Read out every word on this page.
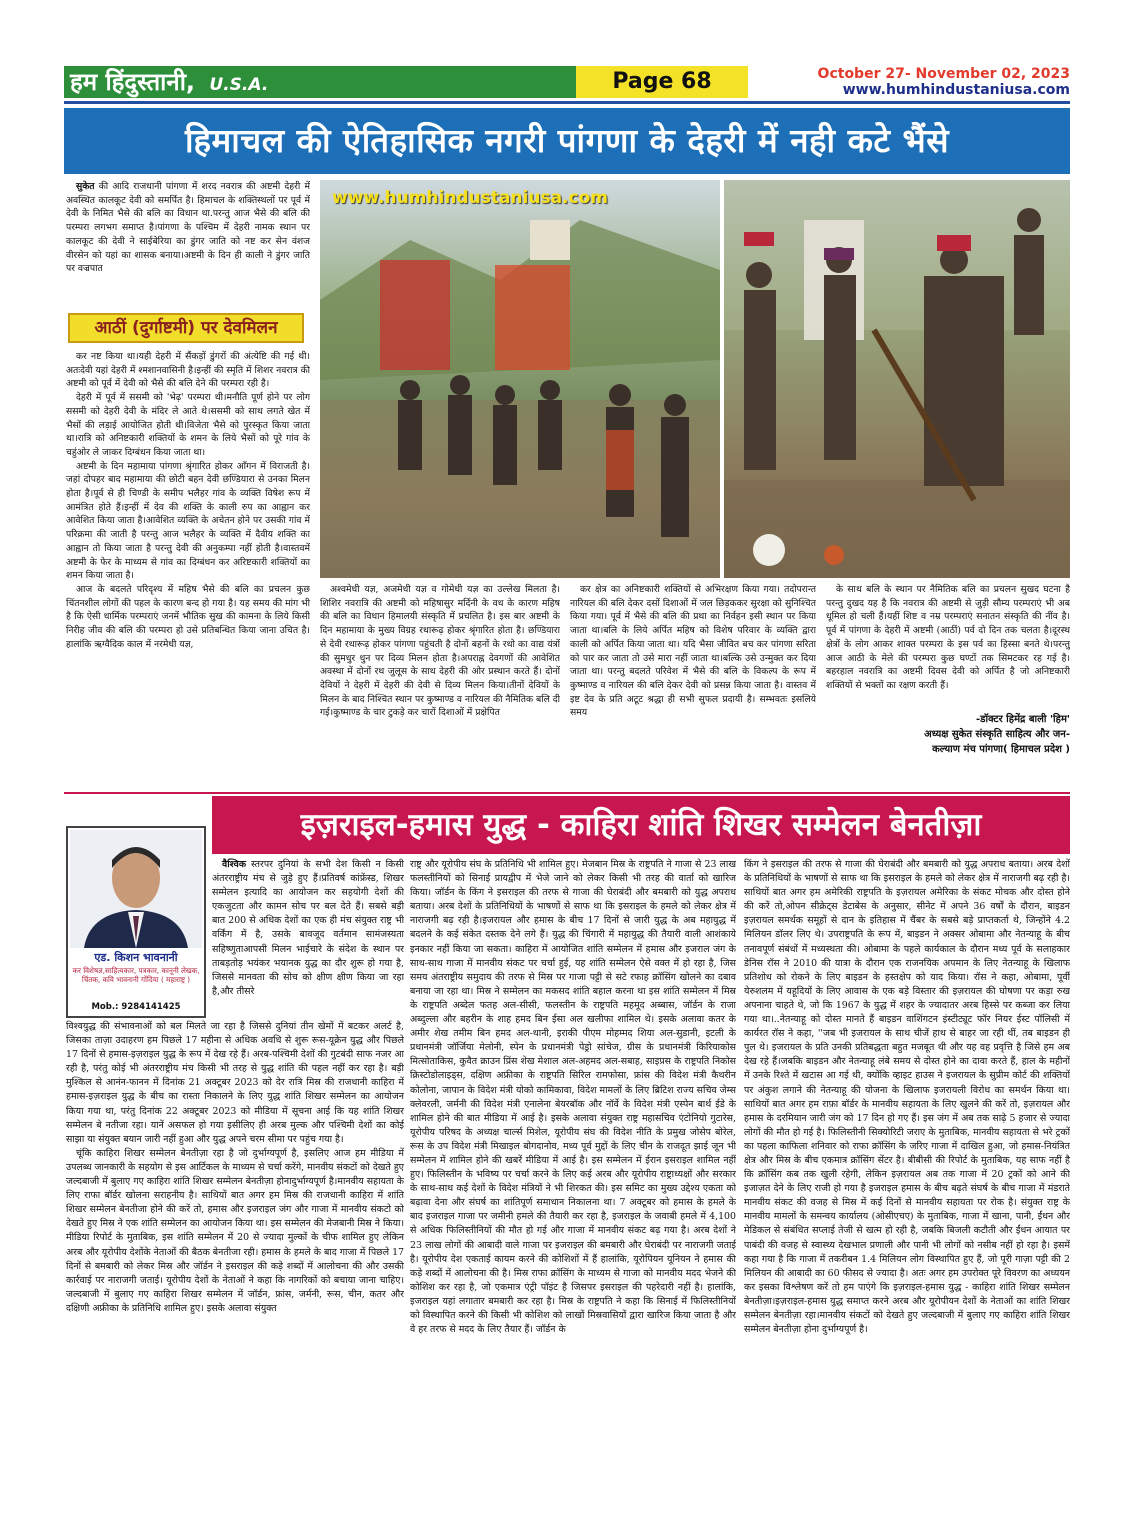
हम हिंदुस्तानी, U.S.A.	Page 68	October 27- November 02, 2023
www.humhindustaniusa.com
हिमाचल की ऐतिहासिक नगरी पांगणा के देहरी में नही कटे भैंसे

सुकेत की आदि राजधानी पांगणा में शरद नवरात्र की अष्टमी देहरी में अवस्थित कालकूट देवी को समर्पित है। हिमाचल के शक्तिस्थलों पर पूर्व में देवी के निमित भैसे की बलि का विधान था.परन्तु आज भैसे की बलि की परम्परा लगभग समाप्त है।पांगणा के पश्चिम में देहरी नामक स्थान पर कालकूट की देवी ने साईबेरिया का डुंगर जाति को नष्ट कर सेन वंशज वीरसेन को यहां का शासक बनाया।अष्टमी के दिन ही काली ने डुंगर जाति पर वज्रपात

आठीं (दुर्गाष्टमी) पर देवमिलन

कर नष्ट किया था।यही देहरी में सैंकड़ों डुंगरों की अंत्येष्टि की गई थी।अतःदेवी यहां देहरी में श्मशानवासिनी है।इन्हीं की स्मृति में शिशर नवरात्र की अष्टमी को पूर्व में देवी को भैसे की बलि देने की परम्परा रही है।

देहरी में पूर्व में ससमी को 'भेढ़' परम्परा थी।मनौति पूर्ण होने पर लोग ससमी को देहरी देवी के मंदिर ले आते थे।ससमी को साथ लगते खेत में भैसों की लड़ाई आयोजित होती थी।विजेता भैसे को पुरस्कृत किया जाता था।रात्रि को अनिष्टकारी शक्तियों के शमन के लिये भैसों को पूरे गांव के चहुंओर ले जाकर दिग्बंधन किया जाता था।

अष्टमी के दिन महामाया पांगणा श्रृंगारित होकर आँगन में विराजती है।जहां दोपहर बाद महामाया की छोटी बहन देवी छण्डियारा से उनका मिलन होता है।पूर्व से ही चिण्डी के समीप भलैहर गांव के व्यक्ति विषेश रूप में आमंत्रित होते हैं।इन्हीं में देव की शक्ति के काली रुप का आह्वान कर आवेशित किया जाता है।आवेशित व्यक्ति के अचेतन होने पर उसकी गांव में परिक्रमा की जाती है परन्तु आज भलैहर के व्यक्ति में दैवीय शक्ति का आह्वान तो किया जाता है परन्तु देवी की अनुकम्पा नहीं होती है।वास्तवमें अष्टमी के फेर के माध्यम से गांव का दिग्बंधन कर अरिष्टकारी शक्तियों का शमन किया जाता है।

आज के बदलते परिदृश्य में महिष भैसे की बलि का प्रचलन कुछ चिंतनशील लोगों की पहल के कारण बन्द हो गया है। यह समय की मांग भी है कि ऐसी धार्मिक परम्पराएं जनमें भौतिक सुख की कामना के लिये किसी निरीह जीव की बलि की परम्परा हो उसे प्रतिबन्धित किया जाना उचित है। हालांकि ऋग्वैदिक काल में नरमेधी यज्ञ,

www.humhindustaniusa.com

अश्वमेधी यज्ञ, अजमेधी यज्ञ व गोमेधी यज्ञ का उल्लेख मिलता है। शिशिर नवरात्रि की अष्टमी को महिषासुर मर्दिनी के वध के कारण महिष की बलि का विधान हिमालयी संस्कृति में प्रचलित है। इस बार अष्टमी के दिन महामाया के मुख्य विग्रह रथारूढ़ होकर श्रृंगारित होता है। छण्डियारा से देवी रथारूढ़ होकर पांगणा पहुंचती है दोनों बहनों के रथो का वाद्य यंत्रों की सुमधुर धुन पर दिव्य मिलन होता है।अपराह्न देवगणों की आवेशित अवस्था में दोनों रथ जुलूस के साथ देहरी की ओर प्रस्थान करते हैं। दोनों देवियों ने देहरी में देहरी की देवी से दिव्य मिलन किया।तीनों देवियों के मिलन के बाद निश्चित स्थान पर कुष्माण्ड व नारियल की नैमितिक बलि दी गई।कुष्माण्ड के चार टुकड़े कर चारों दिशाओं में प्रक्षेपित

कर क्षेत्र का अनिष्टकारी शक्तियों से अभिरक्षण किया गया। तदोपरान्त नारियल की बलि देकर दसों दिशाओं में जल छिड़ककर सुरक्षा को सुनिश्चित किया गया। पूर्व में भैसे की बलि की प्रथा का निर्वहन इसी स्थान पर किया जाता था।बलि के लिये अर्पित महिष को विशेष परिवार के व्यक्ति द्वारा काली को अर्पित किया जाता था। यदि भैसा जीवित बच कर पांगणा सरिता को पार कर जाता तो उसे मारा नहीं जाता था।बल्कि उसे उन्मुक्त कर दिया जाता था। परन्तु बदलते परिवेश में भैसे की बलि के विकल्प के रूप में कुष्माण्ड व नारियल की बलि देकर देवी को प्रसन्न किया जाता है। वास्तव में इष्ट देव के प्रति अटूट श्रद्धा ही सभी सुफल प्रदायी है। सम्भवतः इसलिये समय

के साथ बलि के स्थान पर नैमितिक बलि का प्रचलन सुखद घटना है परन्तु दुखद यह है कि नवरात्र की अष्टमी से जुड़ी सौम्य परम्पराएं भी अब धूमिल हो चली हैं।यहीं शिष्ट व नम्र परम्पराएं सनातन संस्कृति की नींव है।पूर्व में पांगणा के देहरी में अष्टमी (आठीं) पर्व दो दिन तक चलता है।दूरस्थ क्षेत्रों के लोग आकर शाक्त परम्परा के इस पर्व का हिस्सा बनते थे।परन्तु आज आठी के मेले की परम्परा कुछ घण्टों तक सिमटकर रह गई है। बहरहाल नवरात्रि का अष्टमी दिवस देवी को अर्पित है जो अनिष्टकारी शक्तियों से भक्तों का रक्षण करती हैं।

-डॉक्टर हिमेंद्र बाली 'हिम'
अध्यक्ष सुकेत संस्कृति साहित्य और जन-
कल्याण मंच पांगणा( हिमाचल प्रदेश )
इज़राइल-हमास युद्ध - काहिरा शांति शिखर सम्मेलन बेनतीज़ा
एड. किशन भावनानी
कर विशेषज्ञ,साहित्यकार, पत्रकार, कानूनी लेखक, चिंतक, कवि भावनानी गोंदिया ( महाराष्ट्र )
Mob.: 9284141425

वैश्विक स्तरपर दुनियां के सभी देश किसी न किसी अंतरराष्ट्रीय मंच से जुड़े हुए हैं।प्रतिवर्ष कांफ्रेंस्ड, शिखर सम्मेलन इत्यादि का आयोजन कर सहयोगी देशों की एकजुटता और कामन सोच पर बल देते हैं। सबसे बड़ी बात 200 से अधिक देशों का एक ही मंच संयुक्त राष्ट्र भी वर्किंग में है, उसके बावजूद वर्तमान सामंजस्यता सहिष्णुताआपसी मिलन भाईचारे के संदेश के स्थान पर ताबड़तोड़ भयंकर भयानक युद्ध का दौर शुरू हो गया है, जिससे मानवता की सोच को क्षीण क्षीण किया जा रहा है,और तीसरे

विश्वयुद्ध की संभावनाओं को बल मिलते जा रहा है जिससे दुनियां तीन खेमों में बटकर अलर्ट है, जिसका ताज़ा उदाहरण हम पिछले 17 महीना से अधिक अवधि से शुरू रूस-यूक्रेन युद्ध और पिछले 17 दिनों से हमास-इज़राइल युद्ध के रूप में देख रहे हैं। अरब-पश्चिमी देशों की गुटबंदी साफ नजर आ रही है, परंतु कोई भी अंतरराष्ट्रीय मंच किसी भी तरह से युद्ध शांति की पहल नहीं कर रहा है। बड़ी मुश्किल से आनंन-फानन में दिनांक 21 अक्टूबर 2023 को देर रात्रि मिस्र की राजधानी काहिरा में हमास-इज़राइल युद्ध के बीच का रास्ता निकालने के लिए युद्ध शांति शिखर सम्मेलन का आयोजन किया गया था, परंतु दिनांक 22 अक्टूबर 2023 को मीडिया में सूचना आई कि यह शांति शिखर सम्मेलन बे नतीजा रहा। यानें असफल हो गया इसीलिए ही अरब मुल्क और पश्चिमी देशों का कोई साझा या संयुक्त बयान जारी नहीं हुआ और युद्ध अपने चरम सीमा पर पहुंच गया है।

चूंकि काहिरा शिखर सम्मेलन बेनतीज़ा रहा है जो दुर्भाग्यपूर्ण है, इसलिए आज हम मीडिया में उपलब्ध जानकारी के सहयोग से इस आर्टिकल के माध्यम से चर्चा करेंगे, मानवीय संकटों को देखते हुए जल्दबाजी में बुलाए गए काहिरा शांति शिखर सम्मेलन बेनतीज़ा होनादुर्भाग्यपूर्ण है।मानवीय सहायता के लिए राफा बॉर्डर खोलना सराहनीय है। साथियों बात अगर हम मिस्र की राजधानी काहिरा में शांति शिखर सम्मेलन बेनतीजा होने की करें तो, हमास और इजराइल जंग और गाजा में मानवीय संकटो को देखते हुए मिस्र ने एक शांति सम्मेलन का आयोजन किया था। इस सम्मेलन की मेजबानी मिस्र ने किया। मीडिया रिपोर्ट के मुताबिक, इस शांति सम्मेलन में 20 से ज्यादा मुल्कों के चीफ शामिल हुए लेकिन अरब और यूरोपीय देशोंके नेताओं की बैठक बेनतीजा रही। हमास के हमले के बाद गाजा में पिछले 17 दिनों से बमबारी को लेकर मिस्र और जॉर्डन ने इसराइल की कड़े शब्दों में आलोचना की और उसकी कार्रवाई पर नाराजगी जताई। यूरोपीय देशों के नेताओं ने कहा कि नागरिकों को बचाया जाना चाहिए। जल्दबाजी में बुलाए गए काहिरा शिखर सम्मेलन में जॉर्डन, फ्रांस, जर्मनी, रूस, चीन, कतर और दक्षिणी अफ्रीका के प्रतिनिधि शामिल हुए। इसके अलावा संयुक्त

राष्ट्र और यूरोपीय संघ के प्रतिनिधि भी शामिल हुए। मेजबान मिस्र के राष्ट्रपति ने गाजा से 23 लाख फलस्तीनियों को सिनाई प्रायद्वीप में भेजे जाने को लेकर किसी भी तरह की वार्ता को खारिज किया। जॉर्डन के किंग ने इसराइल की तरफ से गाजा की घेराबंदी और बमबारी को युद्ध अपराध बताया। अरब देशों के प्रतिनिधियों के भाषणों से साफ था कि इसराइल के हमले को लेकर क्षेत्र में नाराजगी बढ़ रही है।इजरायल और हमास के बीच 17 दिनों से जारी युद्ध के अब महायुद्ध में बदलने के कई संकेत दस्तक देने लगे हैं। युद्ध की चिंगारी में महायुद्ध की तैयारी वाली आशंकाये इनकार नहीं किया जा सकता। काहिरा में आयोजित शांति सम्मेलन में हमास और इजराल जंग के साथ-साथ गाजा में मानवीय संकट पर चर्चा हुई, यह शांति सम्मेलन ऐसे वक्त में हो रहा है, जिस समय अंतराष्ट्रीय समुदाय की तरफ से मिस्र पर गाजा पट्टी से सटे रफाह क्रॉसिंग खोलने का दबाव बनाया जा रहा था। मिस्र ने सम्मेलन का मकसद शांति बहाल करना था इस शांति सम्मेलन में मिस्र के राष्ट्रपति अब्देल फतह अल-सीसी, फलस्तीन के राष्ट्रपति महमूद अब्बास, जॉर्डन के राजा अब्दुल्ला और बहरीन के शाह हमद बिन ईसा अल खलीफा शामिल थे। इसके अलावा कतर के अमीर शेख तमीम बिन हमद अल-थानी, इराकी पीएम मोहम्मद शिया अल-सुडानी, इटली के प्रधानमंत्री जॉर्जिया मेलोनी, स्पेन के प्रधानमंत्री पेड्रो सांचेज, ग्रीस के प्रधानमंत्री किरियाकोस मित्सोताकिस, कुवैत क्राउन प्रिंस शेख मेशाल अल-अहमद अल-सबाह, साइप्रस के राष्ट्रपति निकोस क्रिस्टोडोलाइड्स, दक्षिण अफ्रीका के राष्ट्रपति सिरिल रामफोसा, फ्रांस की विदेश मंत्री कैथरीन कोलोना, जापान के विदेश मंत्री योको कामिकावा, विदेश मामलों के लिए ब्रिटिश राज्य सचिव जेम्स क्लेवरली, जर्मनी की विदेश मंत्री एनालेना बेयरबॉक और नॉर्वे के विदेश मंत्री एस्पेन बार्थ ईडे के शामिल होने की बात मीडिया में आई है। इसके अलावा संयुक्त राष्ट्र महासचिव एंटोनियो गुटारेस, यूरोपीय परिषद के अध्यक्ष चार्ल्स मिशेल, यूरोपीय संघ की विदेश नीति के प्रमुख जोसेप बोरेल, रूस के उप विदेश मंत्री मिखाइल बोगदानोव, मध्य पूर्व मुद्दों के लिए चीन के राजदूत झाई जून भी सम्मेलन में शामिल होने की खबरें मीडिया में आई है। इस सम्मेलन में ईरान इसराइल शामिल नहीं हुए। फिलिस्तीन के भविष्य पर चर्चा करने के लिए कई अरब और यूरोपीय राष्ट्राध्यक्षों और सरकार के साथ-साथ कई देशों के विदेश मंत्रियों ने भी शिरकत की। इस समिट का मुख्य उद्देश्य एकता को बढ़ावा देना और संघर्ष का शांतिपूर्ण समाधान निकालना था। 7 अक्टूबर को हमास के हमले के बाद इजराइल गाजा पर जमीनी हमले की तैयारी कर रहा है, इजराइल के जवाबी हमले में 4,100 से अधिक फिलिस्तीनियों की मौत हो गई और गाजा में मानवीय संकट बढ़ गया है। अरब देशों ने 23 लाख लोगों की आबादी वाले गाजा पर इजराइल की बमबारी और घेराबंदी पर नाराजगी जताई है। यूरोपीय देश एकताई कायम करने की कोशिशों में हैं हालांकि, यूरोपियन यूनियन ने हमास की कड़े शब्दों में आलोचना की है। मिस्र राफा क्रॉसिंग के माध्यम से गाजा को मानवीय मदद भेजने की कोशिश कर रहा है, जो एकमात्र एंट्री पॉइंट है जिसपर इसराइल की पहरेदारी नहीं है। हालांकि, इजराइल यहां लगातार बमबारी कर रहा है। मिस्र के राष्ट्रपति ने कहा कि सिनाई में फिलिस्तीनियों को विस्थापित करने की किसी भी कोशिश को लाखों मिस्रवासियों द्वारा खारिज किया जाता है और वे हर तरफ से मदद के लिए तैयार हैं। जॉर्डन के

किंग ने इसराइल की तरफ से गाजा की घेराबंदी और बमबारी को युद्ध अपराध बताया। अरब देशों के प्रतिनिधियों के भाषणों से साफ था कि इसराइल के हमले को लेकर क्षेत्र में नाराजगी बढ़ रही है। साथियों बात अगर हम अमेरिकी राष्ट्रपति के इज़रायल अमेरिका के संकट मोचक और दोस्त होने की करें तो,ओपन सीक्रेट्स डेटाबेस के अनुसार, सीनेट में अपने 36 वर्षों के दौरान, बाइडन इज़रायल समर्थक समूहों से दान के इतिहास में चैंबर के सबसे बड़े प्राप्तकर्ता थे, जिन्होंने 4.2 मिलियन डॉलर लिए थे। उपराष्ट्रपति के रूप में, बाइडन ने अक्सर ओबामा और नेतन्याहू के बीच तनावपूर्ण संबंधों में मध्यस्थता की। ओबामा के पहले कार्यकाल के दौरान मध्य पूर्व के सलाहकार डेनिस रॉस ने 2010 की यात्रा के दौरान एक राजनयिक अपमान के लिए नेतन्याहू के खिलाफ प्रतिशोध को रोकने के लिए बाइडन के हस्तक्षेप को याद किया। रॉस ने कहा, ओबामा, पूर्वी येरुशलम में यहूदियों के लिए आवास के एक बड़े विस्तार की इज़रायल की घोषणा पर कड़ा रुख अपनाना चाहते थे, जो कि 1967 के युद्ध में शहर के ज्यादातर अरब हिस्से पर कब्जा कर लिया गया था।..नेतन्याहू को दोस्त मानते हैं बाइडन वाशिंगटन इंस्टीट्यूट फॉर नियर ईस्ट पॉलिसी में कार्यरत रॉस ने कहा, ''जब भी इजरायल के साथ चीजें हाथ से बाहर जा रही थीं, तब बाइडन ही पुल थे। इजरायल के प्रति उनकी प्रतिबद्धता बहुत मजबूत थी और यह वह प्रवृत्ति है जिसे हम अब देख रहे हैं।जबकि बाइडन और नेतन्याहू लंबे समय से दोस्त होने का दावा करते हैं, हाल के महीनों में उनके रिश्ते में खटास आ गई थी, क्योंकि व्हाइट हाउस ने इजरायल के सुप्रीम कोर्ट की शक्तियों पर अंकुश लगाने की नेतन्याहू की योजना के खिलाफ इजरायली विरोध का समर्थन किया था। साथियों बात अगर हम राफ़ा बॉर्डर के मानवीय सहायता के लिए खुलने की करें तो, इज़रायल और हमास के दरमियान जारी जंग को 17 दिन हो गए हैं। इस जंग में अब तक साढ़े 5 हजार से ज्यादा लोगों की मौत हो गई है। फिलिस्तीनी सिक्योरिटी जराए के मुताबिक, मानवीय सहायता से भरे ट्रकों का पहला काफिला शनिवार को राफा क्रॉसिंग के जरिए गाजा में दाखिल हुआ, जो हमास-नियंत्रित क्षेत्र और मिस्र के बीच एकमात्र क्रॉसिंग सेंटर है। बीबीसी की रिपोर्ट के मुताबिक, यह साफ नहीं है कि क्रॉसिंग कब तक खुली रहेगी, लेकिन इज़रायल अब तक गाजा में 20 ट्रकों को आने की इजाज़त देने के लिए राजी हो गया है इजराइल हमास के बीच बढ़ते संघर्ष के बीच गाजा में मंडराते मानवीय संकट की वजह से मिस्र में कई दिनों से मानवीय सहायता पर रोक है। संयुक्त राष्ट्र के मानवीय मामलों के समन्वय कार्यालय (ओसीएचए) के मुताबिक, गाजा में खाना, पानी, ईंधन और मेडिकल से संबंधित सप्लाई तेजी से खत्म हो रही है, जबकि बिजली कटौती और ईंधन आयात पर पाबंदी की वजह से स्वास्थ्य देखभाल प्रणाली और पानी भी लोगों को नसीब नहीं हो रहा है। इसमें कहा गया है कि गाजा में तकरीबन 1.4 मिलियन लोग विस्थापित हुए हैं, जो पूरी गाज़ा पट्टी की 2 मिलियन की आबादी का 60 फीसद से ज्यादा है। अतः अगर हम उपरोक्त पूरे विवरण का अध्ययन कर इसका विश्लेषण करें तो हम पाएंगे कि इज़राइल-हमास युद्ध - काहिरा शांति शिखर सम्मेलन बेनतीज़ा।इज़राइल-हमास युद्ध समाप्त करने अरब और यूरोपीयन देशों के नेताओं का शांति शिखर सम्मेलन बेनतीज़ा रहा।मानवीय संकटों को देखते हुए जल्दबाजी में बुलाए गए काहिरा शांति शिखर सम्मेलन बेनतीज़ा होना दुर्भाग्यपूर्ण है।
